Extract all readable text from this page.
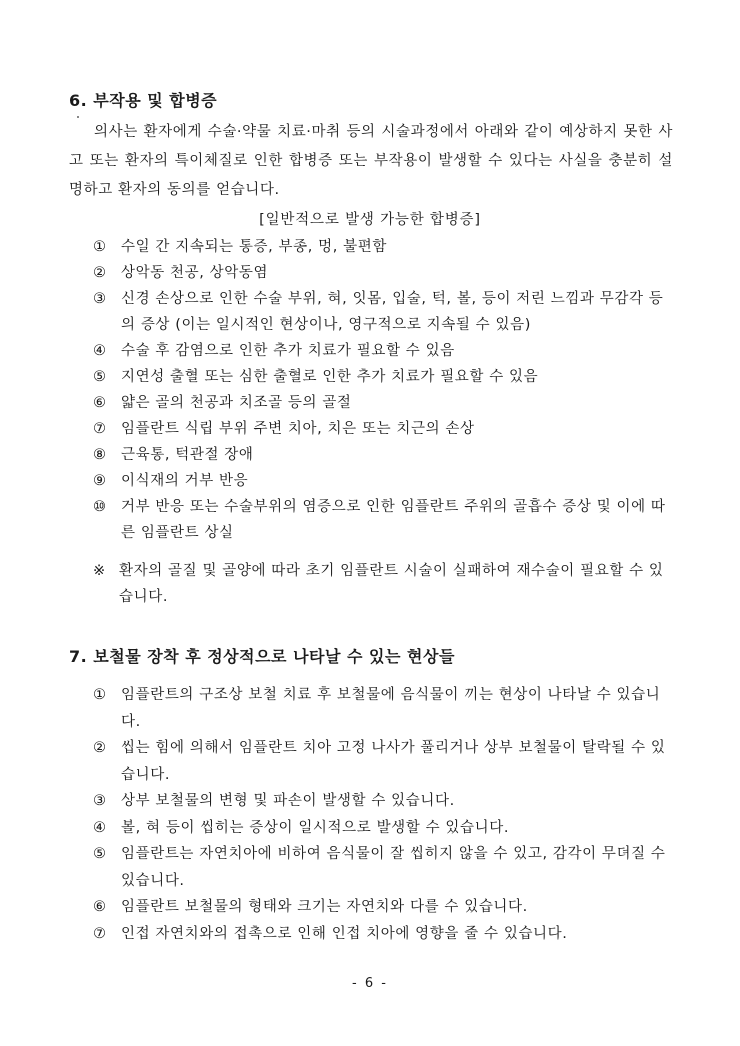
6. 부작용 및 합병증
의사는 환자에게 수술·약물 치료·마취 등의 시술과정에서 아래와 같이 예상하지 못한 사고 또는 환자의 특이체질로 인한 합병증 또는 부작용이 발생할 수 있다는 사실을 충분히 설명하고 환자의 동의를 얻습니다.
[일반적으로 발생 가능한 합병증]
① 수일 간 지속되는 통증, 부종, 멍, 불편함
② 상악동 천공, 상악동염
③ 신경 손상으로 인한 수술 부위, 혀, 잇몸, 입술, 턱, 볼, 등이 저린 느낌과 무감각 등의 증상 (이는 일시적인 현상이나, 영구적으로 지속될 수 있음)
④ 수술 후 감염으로 인한 추가 치료가 필요할 수 있음
⑤ 지연성 출혈 또는 심한 출혈로 인한 추가 치료가 필요할 수 있음
⑥ 얇은 골의 천공과 치조골 등의 골절
⑦ 임플란트 식립 부위 주변 치아, 치은 또는 치근의 손상
⑧ 근육통, 턱관절 장애
⑨ 이식재의 거부 반응
⑩ 거부 반응 또는 수술부위의 염증으로 인한 임플란트 주위의 골흡수 증상 및 이에 따른 임플란트 상실
※ 환자의 골질 및 골양에 따라 초기 임플란트 시술이 실패하여 재수술이 필요할 수 있습니다.
7. 보철물 장착 후 정상적으로 나타날 수 있는 현상들
① 임플란트의 구조상 보철 치료 후 보철물에 음식물이 끼는 현상이 나타날 수 있습니다.
② 씹는 힘에 의해서 임플란트 치아 고정 나사가 풀리거나 상부 보철물이 탈락될 수 있습니다.
③ 상부 보철물의 변형 및 파손이 발생할 수 있습니다.
④ 볼, 혀 등이 씹히는 증상이 일시적으로 발생할 수 있습니다.
⑤ 임플란트는 자연치아에 비하여 음식물이 잘 씹히지 않을 수 있고, 감각이 무뎌질 수 있습니다.
⑥ 임플란트 보철물의 형태와 크기는 자연치와 다를 수 있습니다.
⑦ 인접 자연치와의 접촉으로 인해 인접 치아에 영향을 줄 수 있습니다.
- 6 -
